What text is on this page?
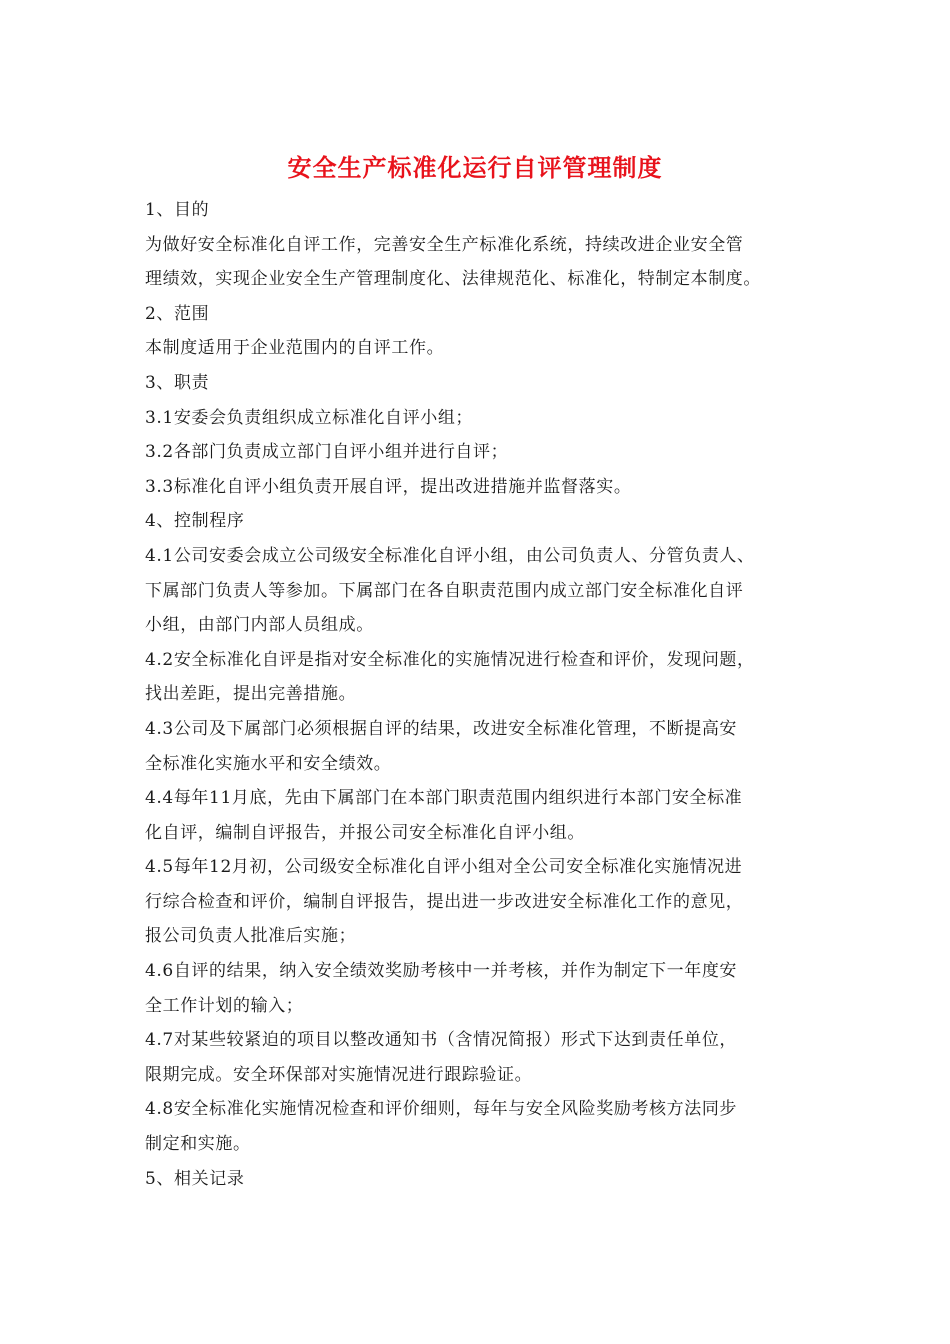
安全生产标准化运行自评管理制度
1、目的
为做好安全标准化自评工作，完善安全生产标准化系统，持续改进企业安全管
理绩效，实现企业安全生产管理制度化、法律规范化、标准化，特制定本制度。
2、范围
本制度适用于企业范围内的自评工作。
3、职责
3.1安委会负责组织成立标准化自评小组；
3.2各部门负责成立部门自评小组并进行自评；
3.3标准化自评小组负责开展自评，提出改进措施并监督落实。
4、控制程序
4.1公司安委会成立公司级安全标准化自评小组，由公司负责人、分管负责人、
下属部门负责人等参加。下属部门在各自职责范围内成立部门安全标准化自评
小组，由部门内部人员组成。
4.2安全标准化自评是指对安全标准化的实施情况进行检查和评价，发现问题，
找出差距，提出完善措施。
4.3公司及下属部门必须根据自评的结果，改进安全标准化管理，不断提高安
全标准化实施水平和安全绩效。
4.4每年11月底，先由下属部门在本部门职责范围内组织进行本部门安全标准
化自评，编制自评报告，并报公司安全标准化自评小组。
4.5每年12月初，公司级安全标准化自评小组对全公司安全标准化实施情况进
行综合检查和评价，编制自评报告，提出进一步改进安全标准化工作的意见，
报公司负责人批准后实施；
4.6自评的结果，纳入安全绩效奖励考核中一并考核，并作为制定下一年度安
全工作计划的输入；
4.7对某些较紧迫的项目以整改通知书（含情况简报）形式下达到责任单位，
限期完成。安全环保部对实施情况进行跟踪验证。
4.8安全标准化实施情况检查和评价细则，每年与安全风险奖励考核方法同步
制定和实施。
5、相关记录
